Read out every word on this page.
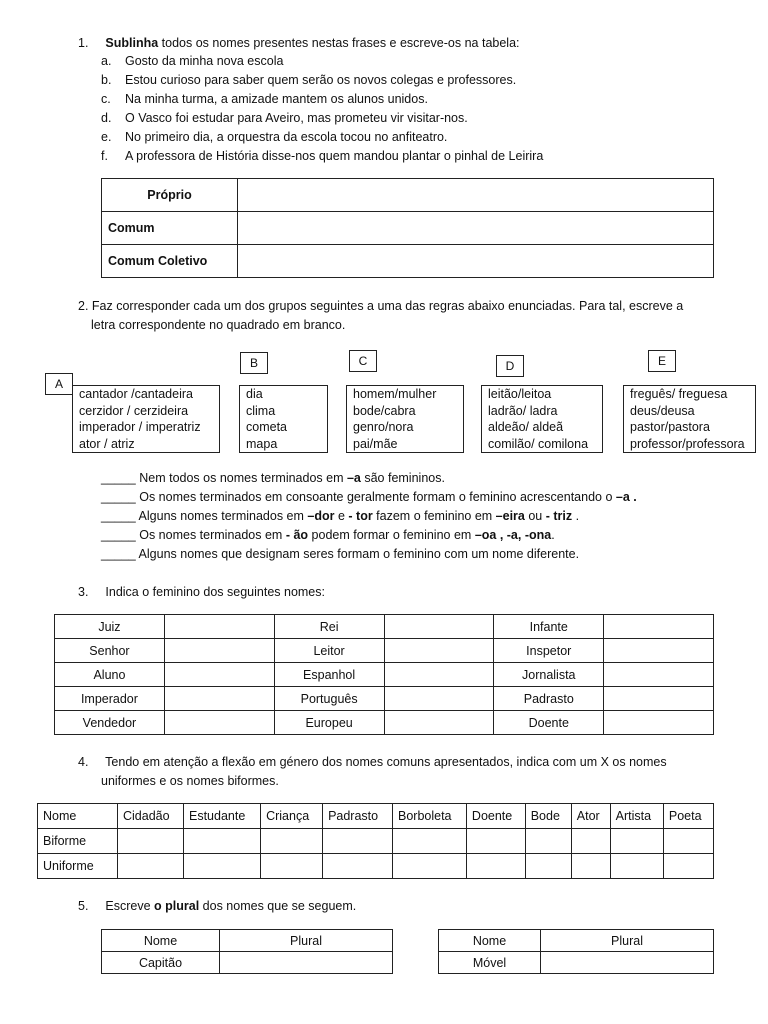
1. Sublinha todos os nomes presentes nestas frases e escreve-os na tabela:
a. Gosto da minha nova escola
b. Estou curioso para saber quem serão os novos colegas e professores.
c. Na minha turma, a amizade mantem os alunos unidos.
d. O Vasco foi estudar para Aveiro, mas prometeu vir visitar-nos.
e. No primeiro dia, a orquestra da escola tocou no anfiteatro.
f. A professora de História disse-nos quem mandou plantar o pinhal de Leirira
Próprio	
Comum	
Comum Coletivo	
2. Faz corresponder cada um dos grupos seguintes a uma das regras abaixo enunciadas. Para tal, escreve a
letra correspondente no quadrado em branco.
A
B	C	D	E
cantador /cantadeira
cerzidor / cerzideira
imperador / imperatriz
ator / atriz
dia
clima
cometa
mapa
homem/mulher
bode/cabra
genro/nora
pai/mãe
leitão/leitoa
ladrão/ ladra
aldeão/ aldeã
comilão/ comilona
freguês/ freguesa
deus/deusa
pastor/pastora
professor/professora
_____ Nem todos os nomes terminados em –a são femininos.
_____ Os nomes terminados em consoante geralmente formam o feminino acrescentando o –a .
_____ Alguns nomes terminados em –dor e - tor fazem o feminino em –eira ou - triz .
_____ Os nomes terminados em - ão podem formar o feminino em –oa , -a, -ona.
_____ Alguns nomes que designam seres formam o feminino com um nome diferente.
3. Indica o feminino dos seguintes nomes:
Juiz		Rei		Infante	
Senhor		Leitor		Inspetor	
Aluno		Espanhol		Jornalista	
Imperador		Português		Padrasto	
Vendedor		Europeu		Doente	
4. Tendo em atenção a flexão em género dos nomes comuns apresentados, indica com um X os nomes
uniformes e os nomes biformes.
Nome	Cidadão	Estudante	Criança	Padrasto	Borboleta	Doente	Bode	Ator	Artista	Poeta
Biforme										
Uniforme										
5. Escreve o plural dos nomes que se seguem.
Nome	Plural
Capitão	
Nome	Plural
Móvel	
